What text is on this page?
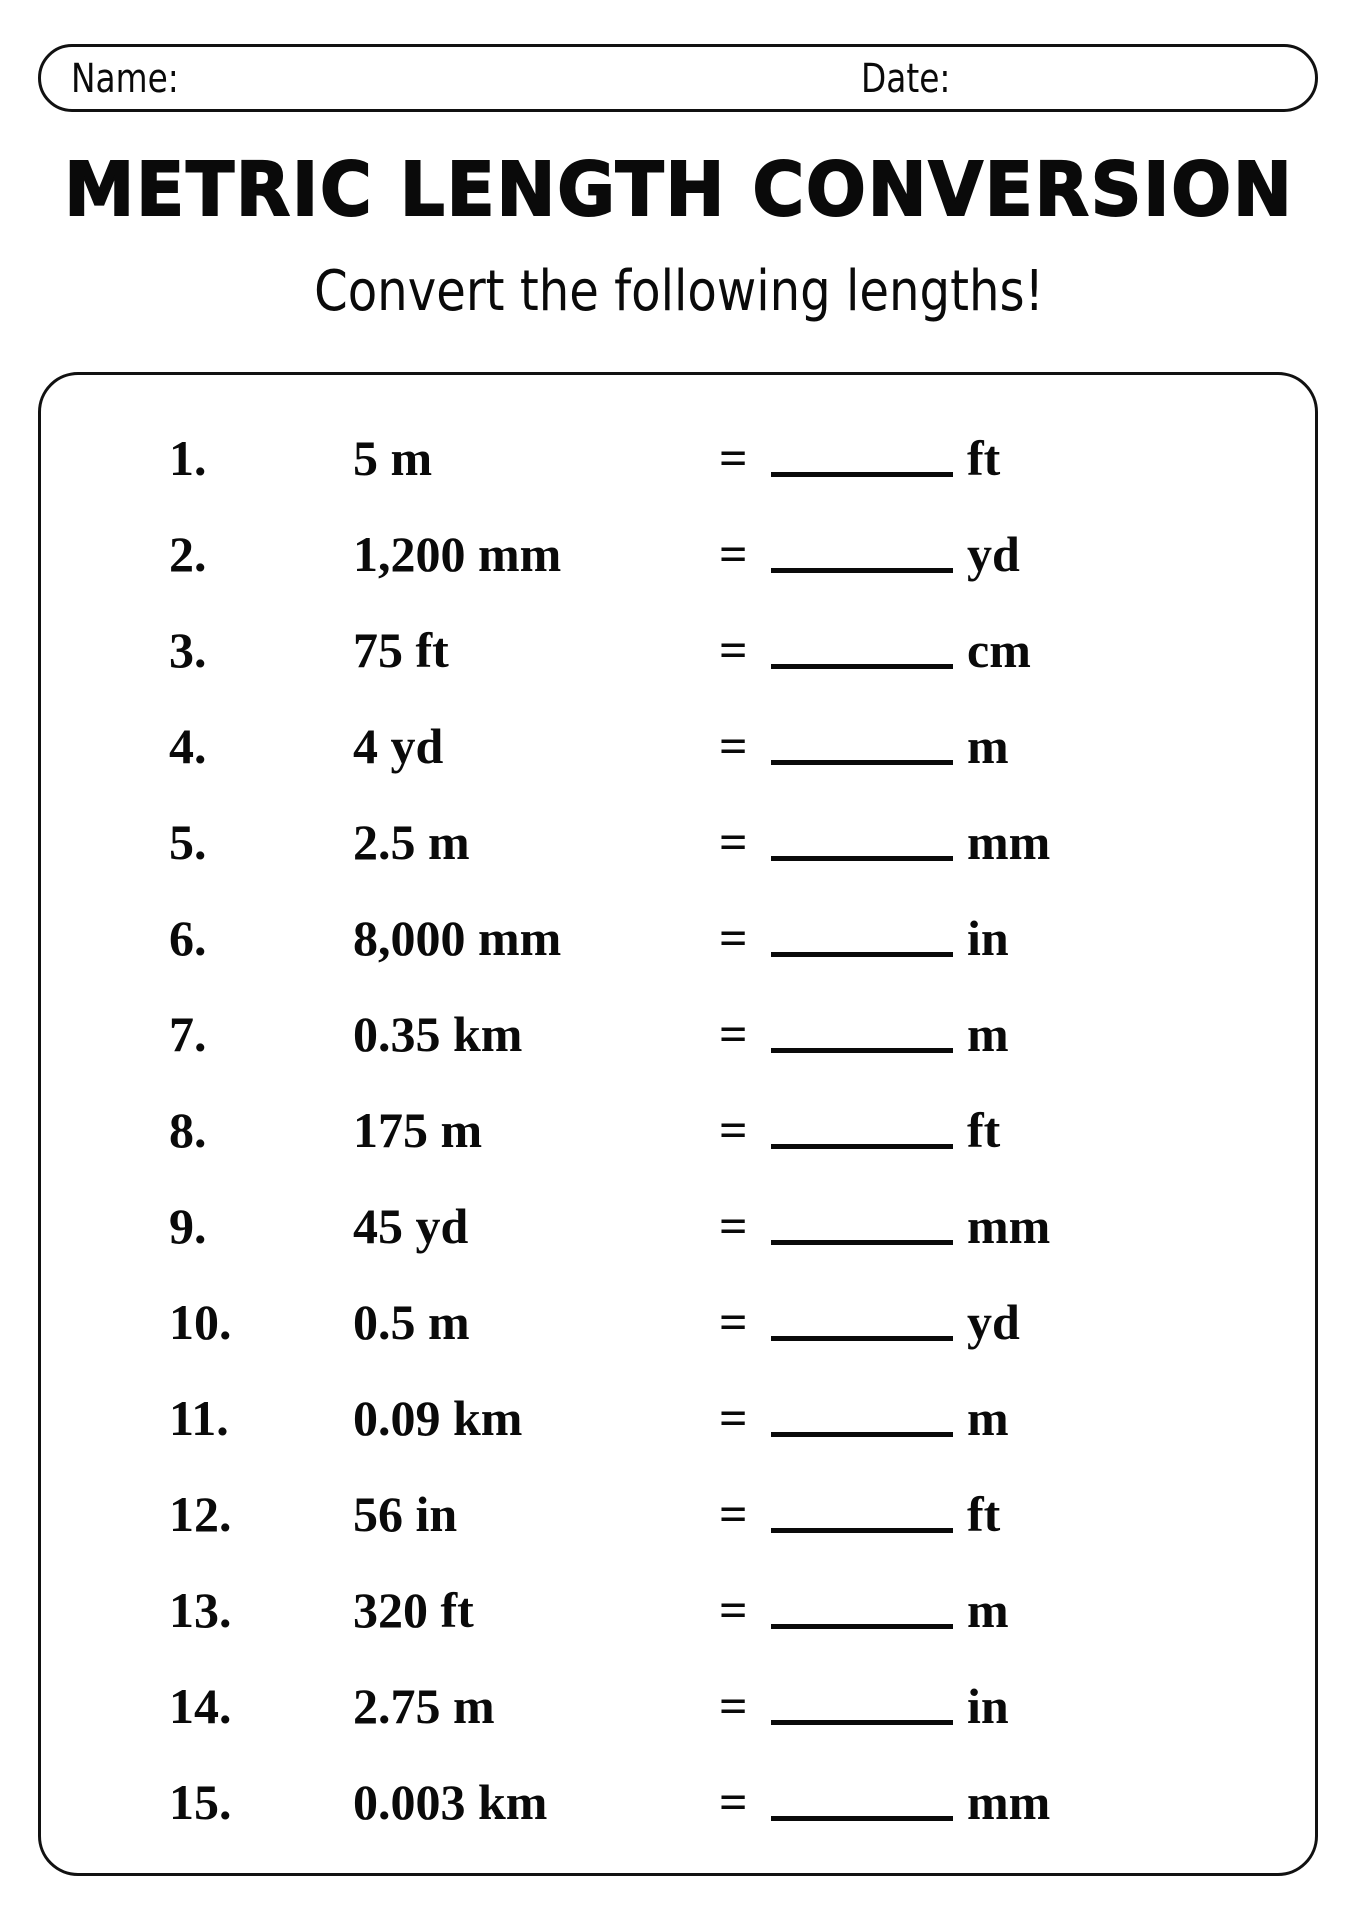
Name:	Date:
METRIC LENGTH CONVERSION
Convert the following lengths!
1.	5 m	=	ft
2.	1,200 mm	=	yd
3.	75 ft	=	cm
4.	4 yd	=	m
5.	2.5 m	=	mm
6.	8,000 mm	=	in
7.	0.35 km	=	m
8.	175 m	=	ft
9.	45 yd	=	mm
10. 0.5 m	=	yd
11. 0.09 km	=	m
12. 56 in	=	ft
13. 320 ft	=	m
14. 2.75 m	=	in
15. 0.003 km	=	mm
